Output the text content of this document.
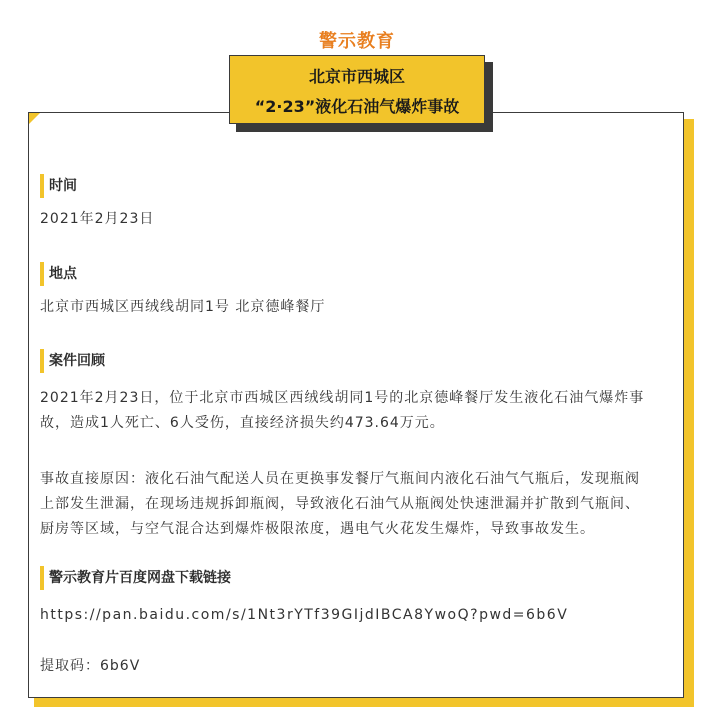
警示教育
北京市西城区
“2·23”液化石油气爆炸事故
时间
2021年2月23日
地点
北京市西城区西绒线胡同1号 北京德峰餐厅
案件回顾
2021年2月23日，位于北京市西城区西绒线胡同1号的北京德峰餐厅发生液化石油气爆炸事
故，造成1人死亡、6人受伤，直接经济损失约473.64万元。
事故直接原因：液化石油气配送人员在更换事发餐厅气瓶间内液化石油气气瓶后，发现瓶阀
上部发生泄漏，在现场违规拆卸瓶阀，导致液化石油气从瓶阀处快速泄漏并扩散到气瓶间、
厨房等区域，与空气混合达到爆炸极限浓度，遇电气火花发生爆炸，导致事故发生。
警示教育片百度网盘下载链接
https://pan.baidu.com/s/1Nt3rYTf39GIjdIBCA8YwoQ?pwd=6b6V
提取码：6b6V
